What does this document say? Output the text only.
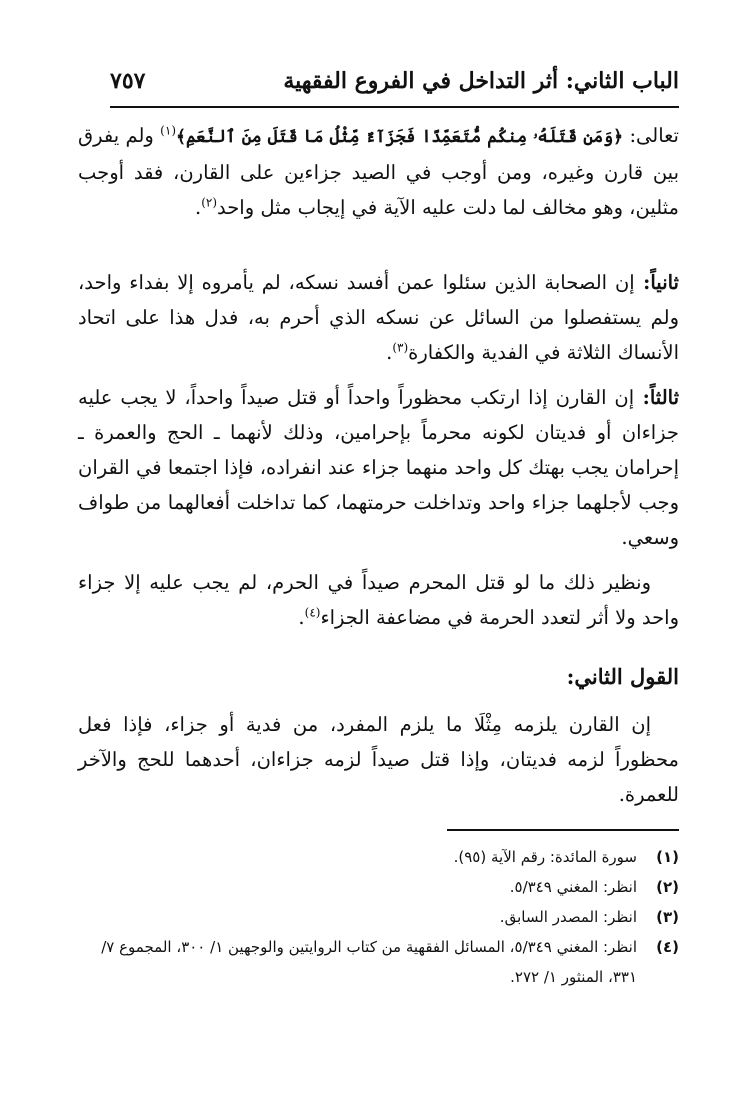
الباب الثاني: أثر التداخل في الفروع الفقهية
٧٥٧
تعالى: ﴿وَمَن قَتَلَهُۥ مِنكُم مُّتَعَمِّدًا فَجَزَآءٌ مِّثْلُ مَا قَتَلَ مِنَ ٱلنَّعَمِ﴾$^{(١)}$ ولم يفرق بين قارن وغيره، ومن أوجب في الصيد جزاءين على القارن، فقد أوجب مثلين، وهو مخالف لما دلت عليه الآية في إيجاب مثل واحد$^{(٢)}$.
ثانياً: إن الصحابة الذين سئلوا عمن أفسد نسكه، لم يأمروه إلا بفداء واحد، ولم يستفصلوا من السائل عن نسكه الذي أحرم به، فدل هذا على اتحاد الأنساك الثلاثة في الفدية والكفارة$^{(٣)}$.
ثالثاً: إن القارن إذا ارتكب محظوراً واحداً أو قتل صيداً واحداً، لا يجب عليه جزاءان أو فديتان لكونه محرماً بإحرامين، وذلك لأنهما ـ الحج والعمرة ـ إحرامان يجب بهتك كل واحد منهما جزاء عند انفراده، فإذا اجتمعا في القران وجب لأجلهما جزاء واحد وتداخلت حرمتهما، كما تداخلت أفعالهما من طواف وسعي.
ونظير ذلك ما لو قتل المحرم صيداً في الحرم، لم يجب عليه إلا جزاء واحد ولا أثر لتعدد الحرمة في مضاعفة الجزاء$^{(٤)}$.
القول الثاني:
إن القارن يلزمه مِثْلَا ما يلزم المفرد، من فدية أو جزاء، فإذا فعل محظوراً لزمه فديتان، وإذا قتل صيداً لزمه جزاءان، أحدهما للحج والآخر للعمرة.
(١)
سورة المائدة: رقم الآية (٩٥).
(٢)
انظر: المغني ٥/٣٤٩.
(٣)
انظر: المصدر السابق.
(٤)
انظر: المغني ٥/٣٤٩، المسائل الفقهية من كتاب الروايتين والوجهين ١/ ٣٠٠، المجموع ٧/ ٣٣١، المنثور ١/ ٢٧٢.
